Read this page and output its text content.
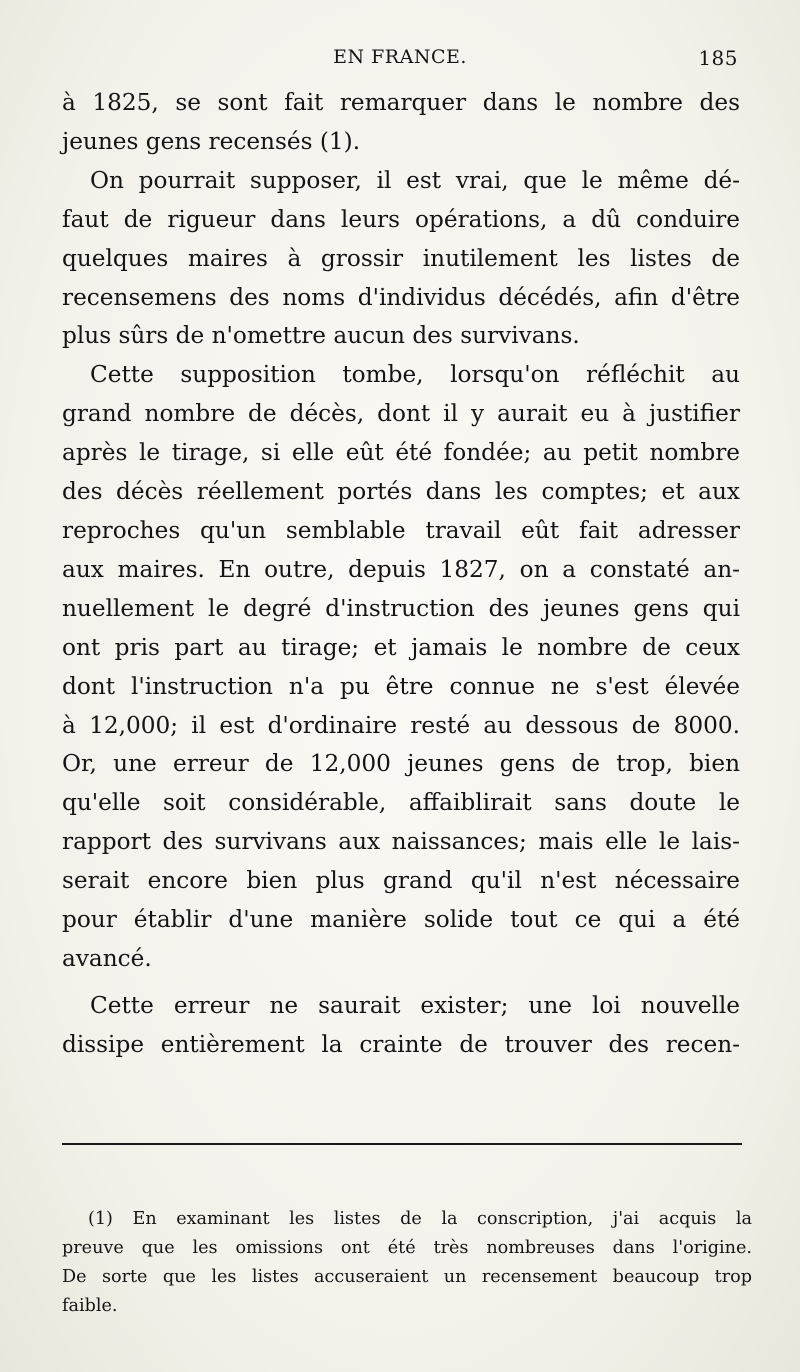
EN FRANCE.	185
à 1825, se sont fait remarquer dans le nombre des
jeunes gens recensés (1).
On pourrait supposer, il est vrai, que le même dé-
faut de rigueur dans leurs opérations, a dû conduire
quelques maires à grossir inutilement les listes de
recensemens des noms d'individus décédés, afin d'être
plus sûrs de n'omettre aucun des survivans.
Cette supposition tombe, lorsqu'on réfléchit au
grand nombre de décès, dont il y aurait eu à justifier
après le tirage, si elle eût été fondée; au petit nombre
des décès réellement portés dans les comptes; et aux
reproches qu'un semblable travail eût fait adresser
aux maires. En outre, depuis 1827, on a constaté an-
nuellement le degré d'instruction des jeunes gens qui
ont pris part au tirage; et jamais le nombre de ceux
dont l'instruction n'a pu être connue ne s'est élevée
à 12,000; il est d'ordinaire resté au dessous de 8000.
Or, une erreur de 12,000 jeunes gens de trop, bien
qu'elle soit considérable, affaiblirait sans doute le
rapport des survivans aux naissances; mais elle le lais-
serait encore bien plus grand qu'il n'est nécessaire
pour établir d'une manière solide tout ce qui a été
avancé.
Cette erreur ne saurait exister; une loi nouvelle
dissipe entièrement la crainte de trouver des recen-
(1) En examinant les listes de la conscription, j'ai acquis la
preuve que les omissions ont été très nombreuses dans l'origine.
De sorte que les listes accuseraient un recensement beaucoup trop
faible.
